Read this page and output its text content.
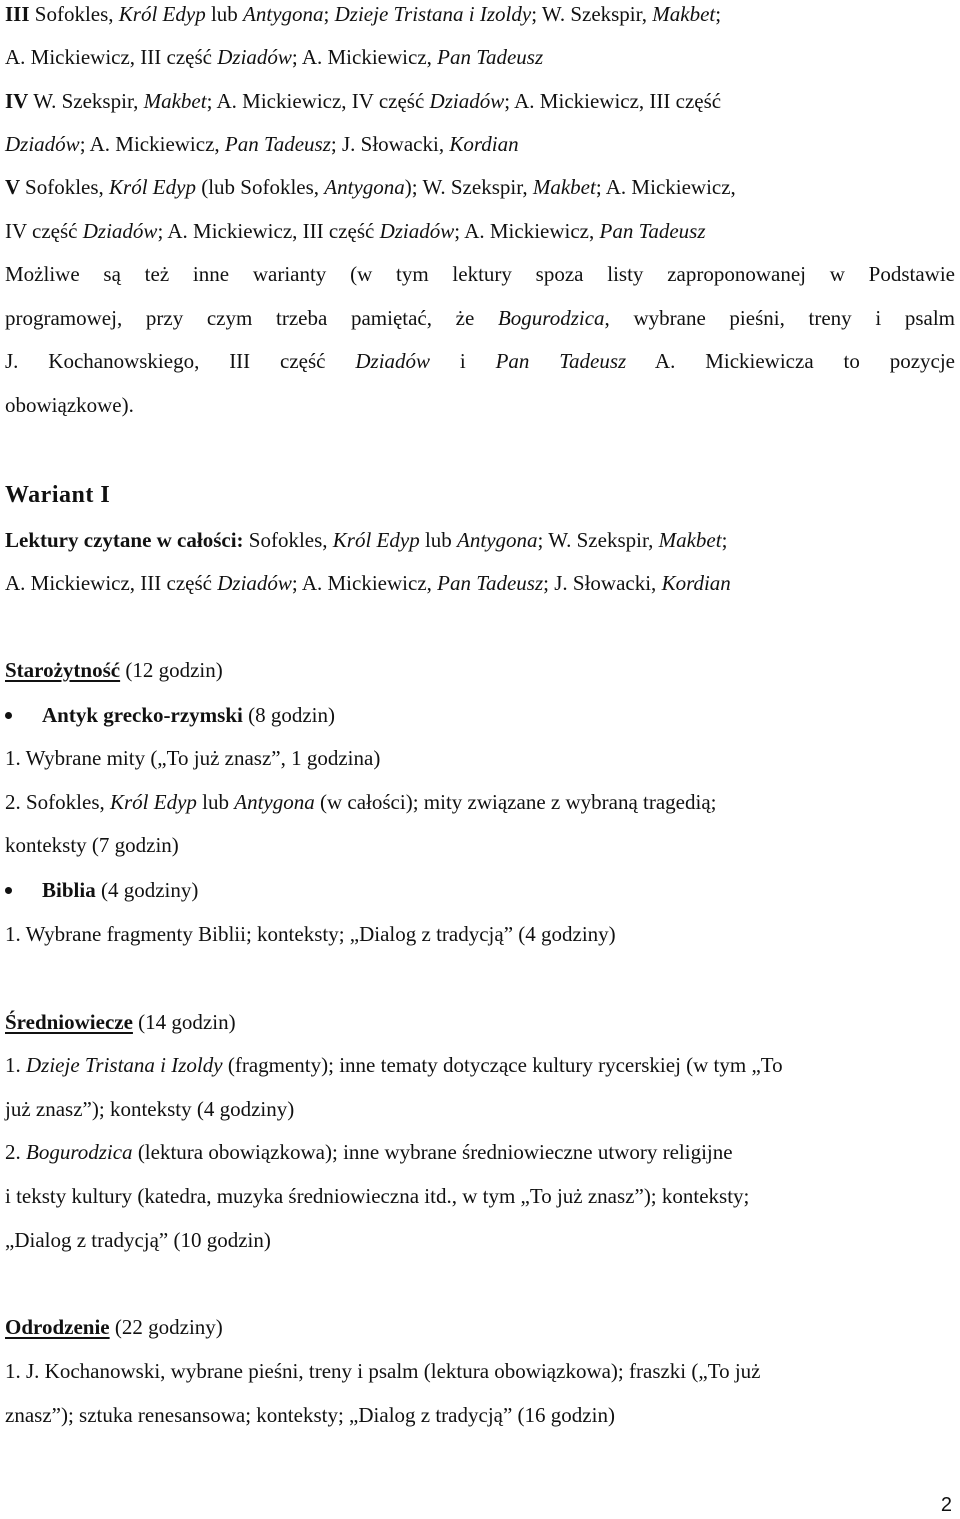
III Sofokles, Król Edyp lub Antygona; Dzieje Tristana i Izoldy; W. Szekspir, Makbet;
A. Mickiewicz, III część Dziadów; A. Mickiewicz, Pan Tadeusz
IV W. Szekspir, Makbet; A. Mickiewicz, IV część Dziadów; A. Mickiewicz, III część
Dziadów; A. Mickiewicz, Pan Tadeusz; J. Słowacki, Kordian
V Sofokles, Król Edyp (lub Sofokles, Antygona); W. Szekspir, Makbet; A. Mickiewicz,
IV część Dziadów; A. Mickiewicz, III część Dziadów; A. Mickiewicz, Pan Tadeusz
Możliwe są też inne warianty (w tym lektury spoza listy zaproponowanej w Podstawie
programowej, przy czym trzeba pamiętać, że Bogurodzica, wybrane pieśni, treny i psalm
J. Kochanowskiego, III część Dziadów i Pan Tadeusz A. Mickiewicza to pozycje
obowiązkowe).
Wariant I
Lektury czytane w całości: Sofokles, Król Edyp lub Antygona; W. Szekspir, Makbet;
A. Mickiewicz, III część Dziadów; A. Mickiewicz, Pan Tadeusz; J. Słowacki, Kordian
Starożytność (12 godzin)
Antyk grecko-rzymski (8 godzin)
1. Wybrane mity („To już znasz”, 1 godzina)
2. Sofokles, Król Edyp lub Antygona (w całości); mity związane z wybraną tragedią;
konteksty (7 godzin)
Biblia (4 godziny)
1. Wybrane fragmenty Biblii; konteksty; „Dialog z tradycją” (4 godziny)
Średniowiecze (14 godzin)
1. Dzieje Tristana i Izoldy (fragmenty); inne tematy dotyczące kultury rycerskiej (w tym „To
już znasz”); konteksty (4 godziny)
2. Bogurodzica (lektura obowiązkowa); inne wybrane średniowieczne utwory religijne
i teksty kultury (katedra, muzyka średniowieczna itd., w tym „To już znasz”); konteksty;
„Dialog z tradycją” (10 godzin)
Odrodzenie (22 godziny)
1. J. Kochanowski, wybrane pieśni, treny i psalm (lektura obowiązkowa); fraszki („To już
znasz”); sztuka renesansowa; konteksty; „Dialog z tradycją” (16 godzin)
2
